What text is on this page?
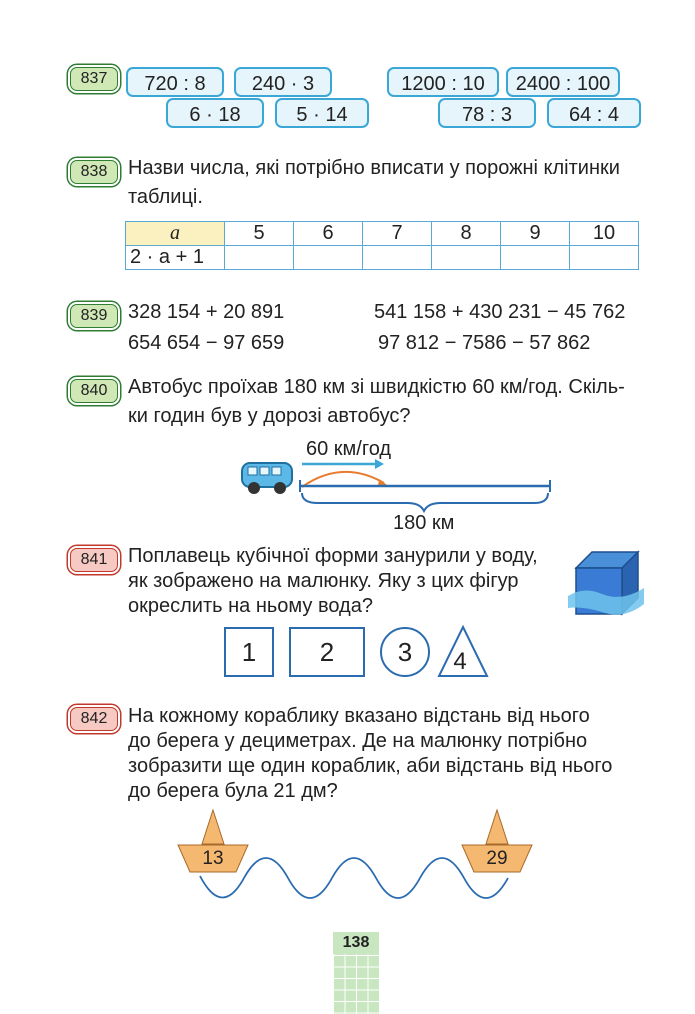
837	720 : 8	240 · 3	1200 : 10	2400 : 100
6 · 18	5 · 14	78 : 3	64 : 4
838	Назви числа, які потрібно вписати у порожні клітинки
таблиці.
a	5	6	7	8	9	10
2 · a + 1						
839	328 154 + 20 891	541 158 + 430 231 − 45 762
654 654 − 97 659	97 812 − 7586 − 57 862
840	Автобус проїхав 180 км зі швидкістю 60 км/год. Скіль-
ки годин був у дорозі автобус?
60 км/год
180 км
841	Поплавець кубічної форми занурили у воду,
як зображено на малюнку. Яку з цих фігур
окреслить на ньому вода?
1	2	3	4
842	На кожному кораблику вказано відстань від нього
до берега у дециметрах. Де на малюнку потрібно
зобразити ще один кораблик, аби відстань від нього
до берега була 21 дм?
13	29
138
